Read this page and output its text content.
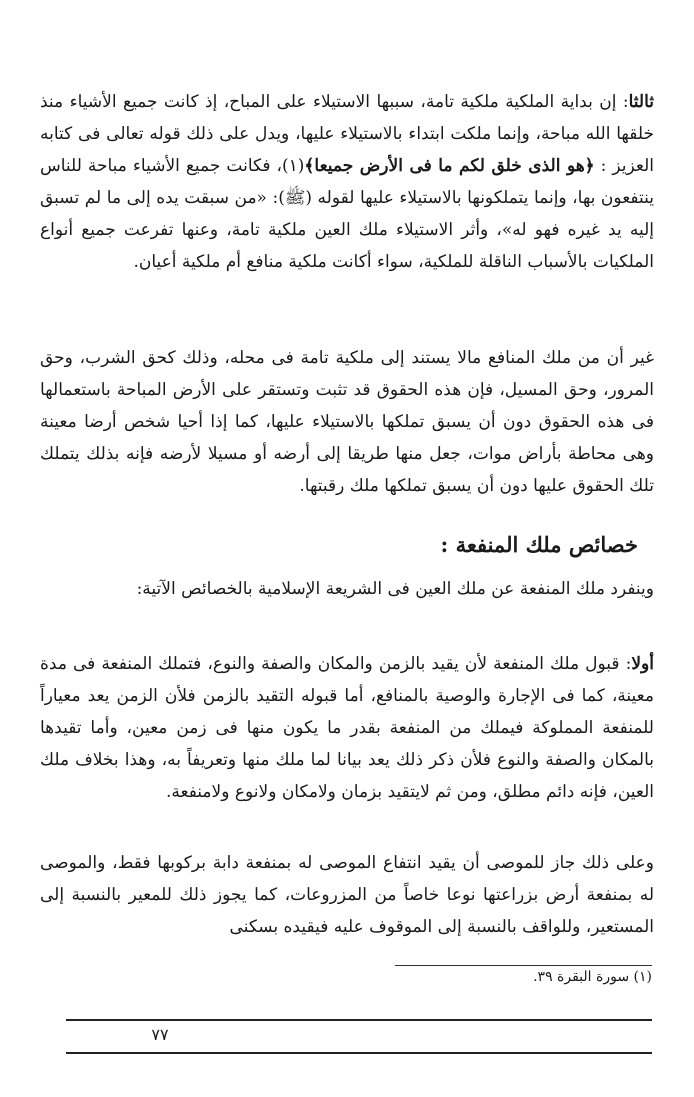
ثالثا: إن بداية الملكية ملكية تامة، سببها الاستيلاء على المباح، إذ كانت جميع الأشياء منذ خلقها الله مباحة، وإنما ملكت ابتداء بالاستيلاء عليها، ويدل على ذلك قوله تعالى فى كتابه العزيز : ﴿هو الذى خلق لكم ما فى الأرض جميعا﴾(١)، فكانت جميع الأشياء مباحة للناس ينتفعون بها، وإنما يتملكونها بالاستيلاء عليها لقوله (ﷺ): «من سبقت يده إلى ما لم تسبق إليه يد غيره فهو له»، وأثر الاستيلاء ملك العين ملكية تامة، وعنها تفرعت جميع أنواع الملكيات بالأسباب الناقلة للملكية، سواء أكانت ملكية منافع أم ملكية أعيان.

غير أن من ملك المنافع مالا يستند إلى ملكية تامة فى محله، وذلك كحق الشرب، وحق المرور، وحق المسيل، فإن هذه الحقوق قد تثبت وتستقر على الأرض المباحة باستعمالها فى هذه الحقوق دون أن يسبق تملكها بالاستيلاء عليها، كما إذا أحيا شخص أرضا معينة وهى محاطة بأراض موات، جعل منها طريقا إلى أرضه أو مسيلا لأرضه فإنه بذلك يتملك تلك الحقوق عليها دون أن يسبق تملكها ملك رقبتها.

خصائص ملك المنفعة :

وينفرد ملك المنفعة عن ملك العين فى الشريعة الإسلامية بالخصائص الآتية:

أولا: قبول ملك المنفعة لأن يقيد بالزمن والمكان والصفة والنوع، فتملك المنفعة فى مدة معينة، كما فى الإجارة والوصية بالمنافع، أما قبوله التقيد بالزمن فلأن الزمن يعد معياراً للمنفعة المملوكة فيملك من المنفعة بقدر ما يكون منها فى زمن معين، وأما تقيدها بالمكان والصفة والنوع فلأن ذكر ذلك يعد بيانا لما ملك منها وتعريفاً به، وهذا بخلاف ملك العين، فإنه دائم مطلق، ومن ثم لايتقيد بزمان ولامكان ولانوع ولامنفعة.

وعلى ذلك جاز للموصى أن يقيد انتفاع الموصى له بمنفعة دابة بركوبها فقط، والموصى له بمنفعة أرض بزراعتها نوعا خاصاً من المزروعات، كما يجوز ذلك للمعير بالنسبة إلى المستعير، وللواقف بالنسبة إلى الموقوف عليه فيقيده بسكنى

(١) سورة البقرة ٣٩.

٧٧
